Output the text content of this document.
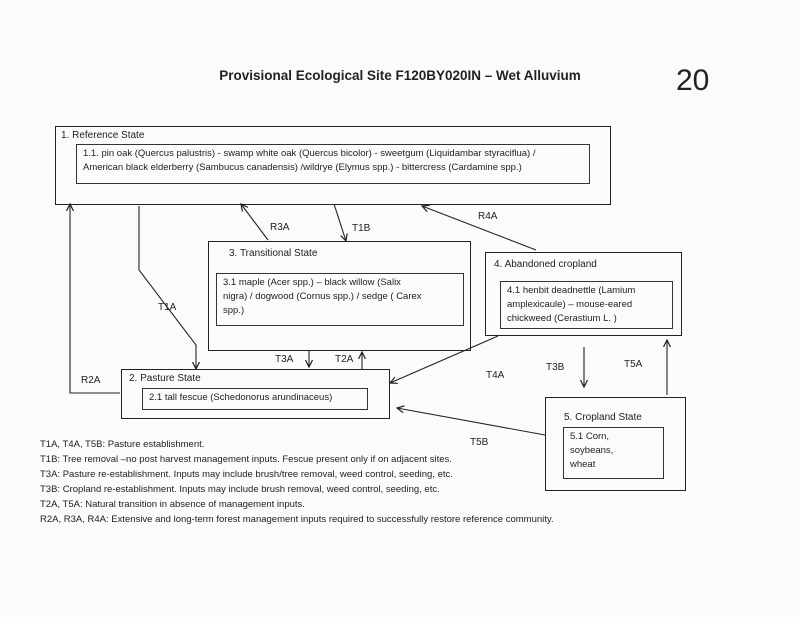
Provisional Ecological Site F120BY020IN – Wet Alluvium	20
1. Reference State
1.1. pin oak (Quercus palustris) - swamp white oak (Quercus bicolor) - sweetgum (Liquidambar styraciflua) /
American black elderberry (Sambucus canadensis) /wildrye (Elymus spp.) - bittercress (Cardamine spp.)
3. Transitional State
3.1 maple (Acer spp.) – black willow (Salix
nigra) / dogwood (Cornus spp.) / sedge ( Carex
spp.)
4. Abandoned cropland
4.1 henbit deadnettle (Lamium
amplexicaule) – mouse-eared
chickweed (Cerastium L. )
2. Pasture State
2.1 tall fescue (Schedonorus arundinaceus)
5. Cropland State
5.1 Corn,
soybeans,
wheat
R3A	T1B
R4A
T1A
R2A
T3A	T2A
T4A
T3B	T5A
T5B
T1A, T4A, T5B: Pasture establishment.
T1B: Tree removal –no post harvest management inputs. Fescue present only if on adjacent sites.
T3A: Pasture re-establishment. Inputs may include brush/tree removal, weed control, seeding, etc.
T3B: Cropland re-establishment. Inputs may include brush removal, weed control, seeding, etc.
T2A, T5A: Natural transition in absence of management inputs.
R2A, R3A, R4A: Extensive and long-term forest management inputs required to successfully restore reference community.
